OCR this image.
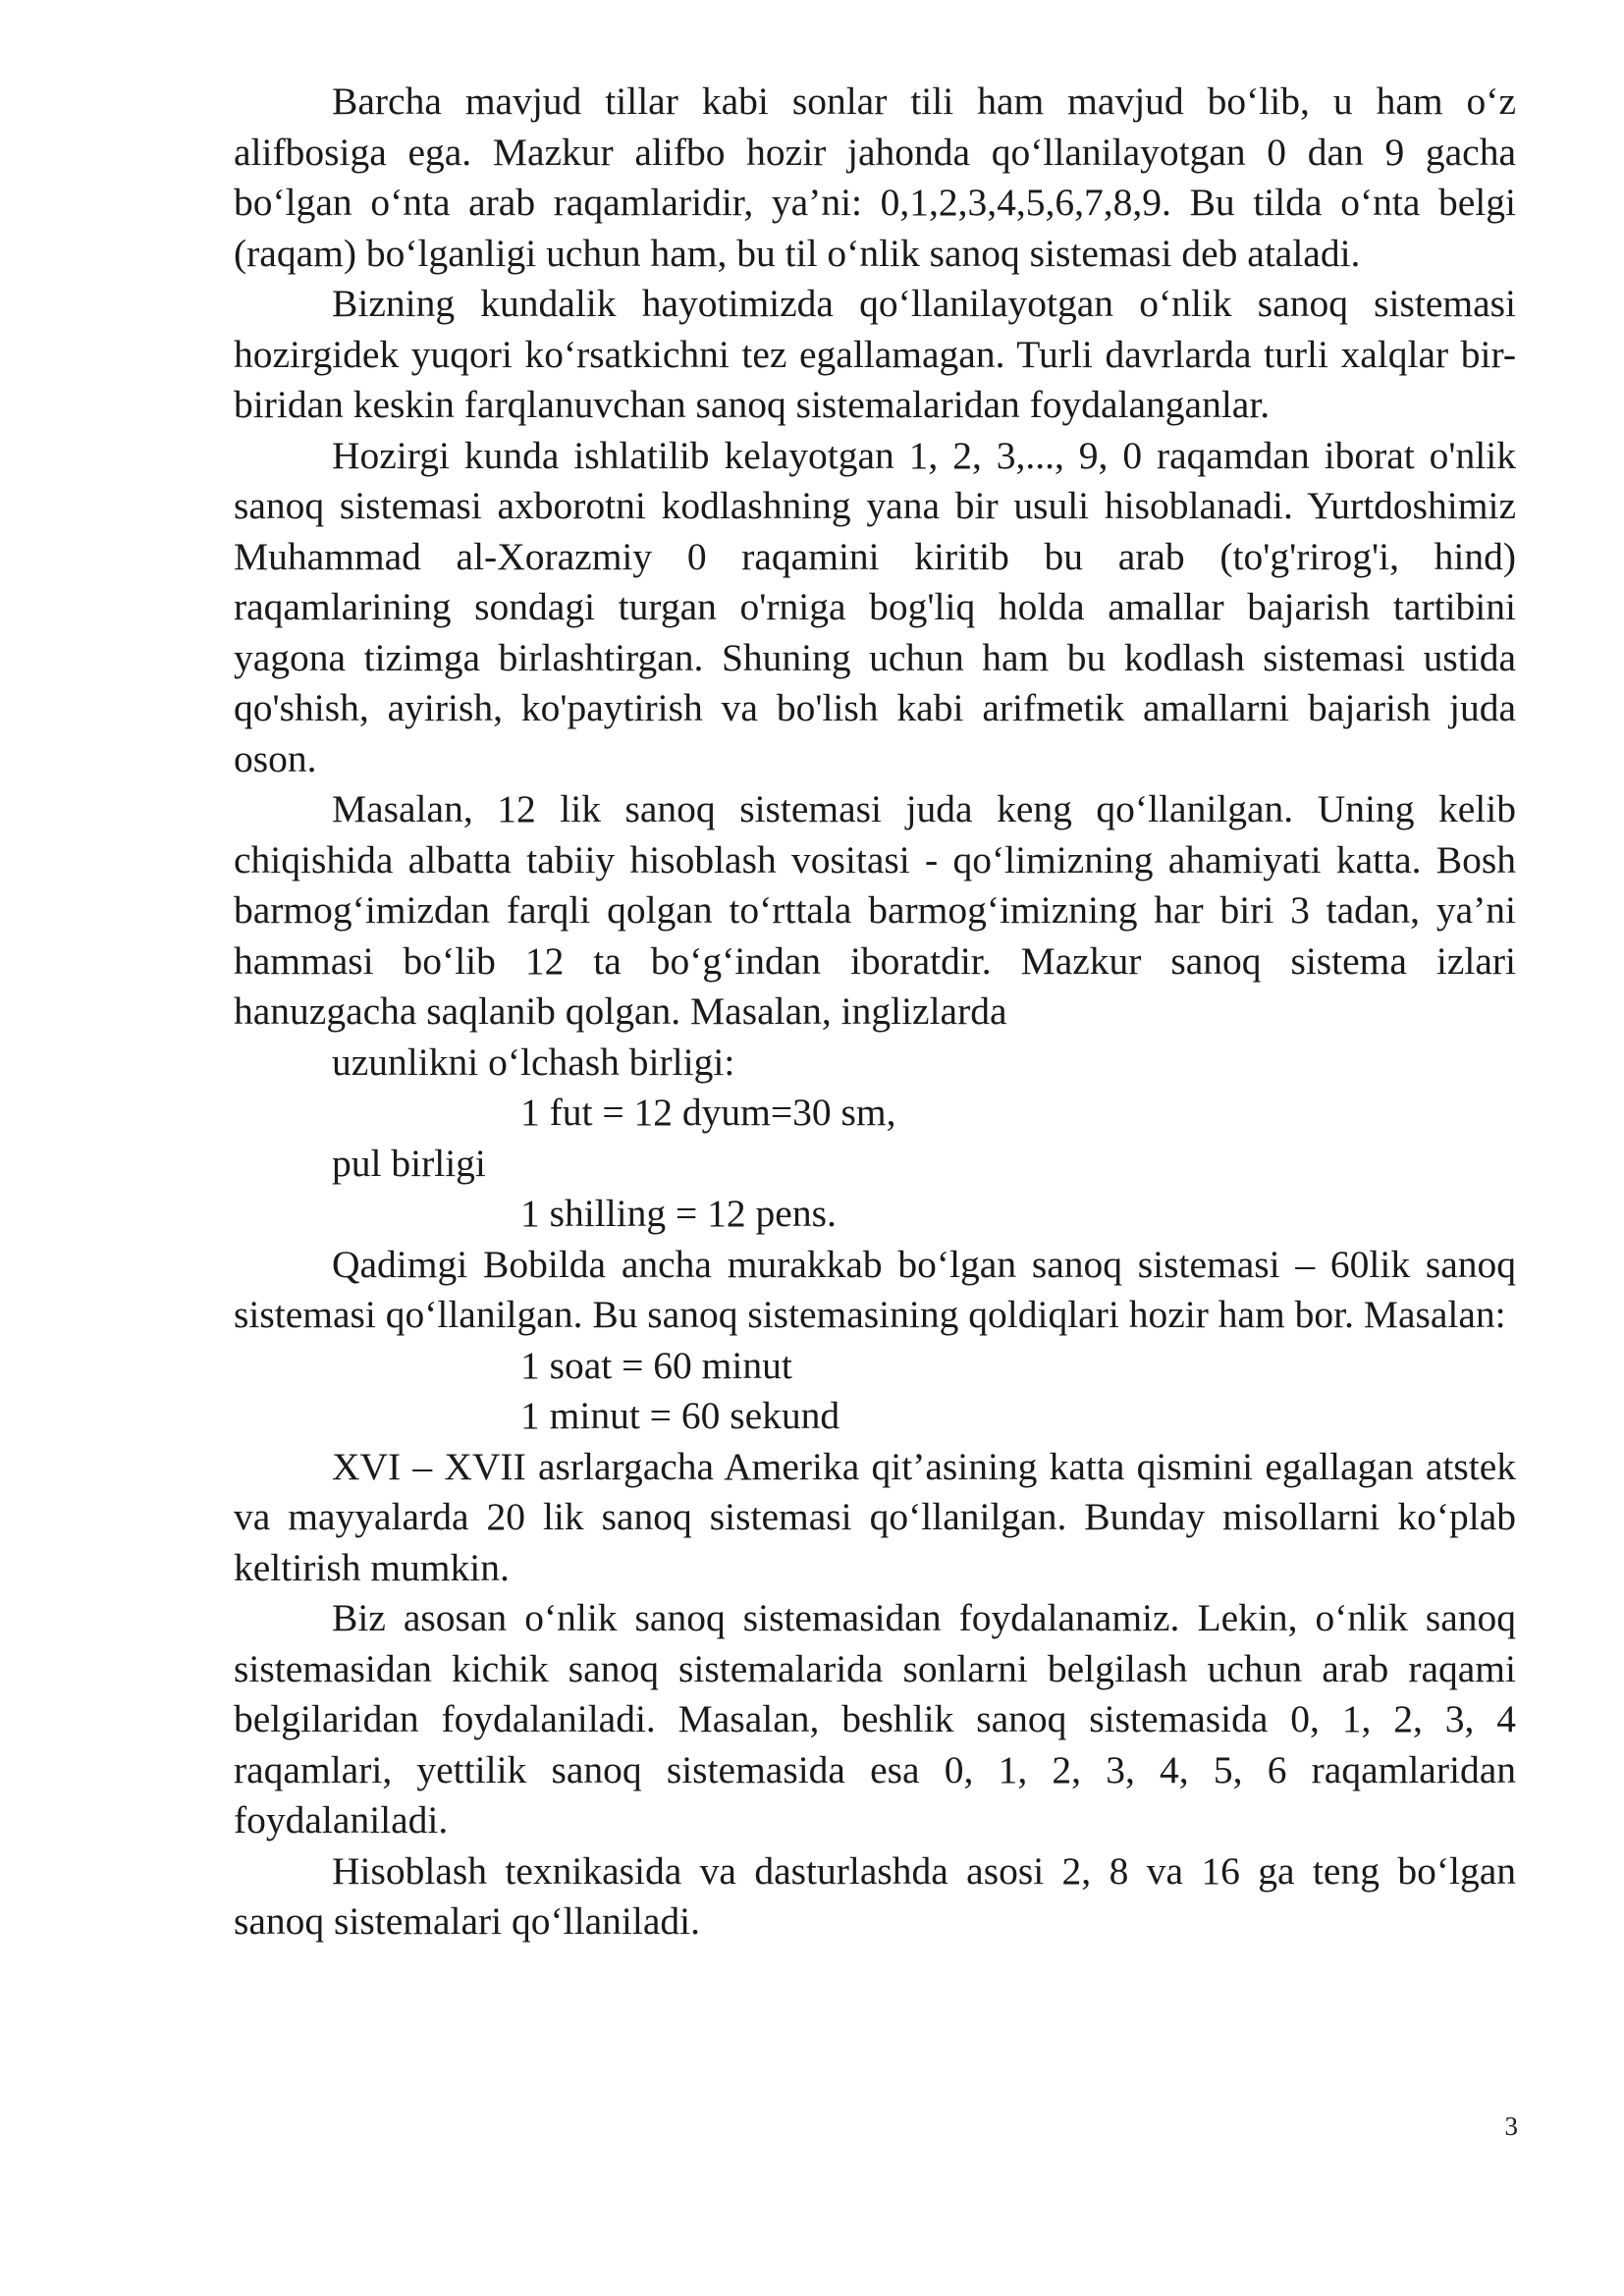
Barcha mavjud tillar kabi sonlar tili ham mavjud bo‘lib, u ham o‘z alifbosiga ega. Mazkur alifbo hozir jahonda qo‘llanilayotgan 0 dan 9 gacha bo‘lgan o‘nta arab raqamlaridir, ya’ni: 0,1,2,3,4,5,6,7,8,9. Bu tilda o‘nta belgi (raqam) bo‘lganligi uchun ham, bu til o‘nlik sanoq sistemasi deb ataladi.

Bizning kundalik hayotimizda qo‘llanilayotgan o‘nlik sanoq sistemasi hozirgidek yuqori ko‘rsatkichni tez egallamagan. Turli davrlarda turli xalqlar bir-biridan keskin farqlanuvchan sanoq sistemalaridan foydalanganlar.

Hozirgi kunda ishlatilib kelayotgan 1, 2, 3,..., 9, 0 raqamdan iborat o'nlik sanoq sistemasi axborotni kodlashning yana bir usuli hisoblanadi. Yurtdoshimiz Muhammad al-Xorazmiy 0 raqamini kiritib bu arab (to'g'rirog'i, hind) raqamlarining sondagi turgan o'rniga bog'liq holda amallar bajarish tartibini yagona tizimga birlashtirgan. Shuning uchun ham bu kodlash sistemasi ustida qo'shish, ayirish, ko'paytirish va bo'lish kabi arifmetik amallarni bajarish juda oson.

Masalan, 12 lik sanoq sistemasi juda keng qo‘llanilgan. Uning kelib chiqishida albatta tabiiy hisoblash vositasi - qo‘limizning ahamiyati katta. Bosh barmog‘imizdan farqli qolgan to‘rttala barmog‘imizning har biri 3 tadan, ya’ni hammasi bo‘lib 12 ta bo‘g‘indan iboratdir. Mazkur sanoq sistema izlari hanuzgacha saqlanib qolgan. Masalan, inglizlarda

uzunlikni o‘lchash birligi:
1 fut = 12 dyum=30 sm,
pul birligi
1 shilling = 12 pens.

Qadimgi Bobilda ancha murakkab bo‘lgan sanoq sistemasi – 60lik sanoq sistemasi qo‘llanilgan. Bu sanoq sistemasining qoldiqlari hozir ham bor. Masalan:

1 soat = 60 minut
1 minut = 60 sekund

XVI – XVII asrlargacha Amerika qit’asining katta qismini egallagan atstek va mayyalarda 20 lik sanoq sistemasi qo‘llanilgan. Bunday misollarni ko‘plab keltirish mumkin.

Biz asosan o‘nlik sanoq sistemasidan foydalanamiz. Lekin, o‘nlik sanoq sistemasidan kichik sanoq sistemalarida sonlarni belgilash uchun arab raqami belgilaridan foydalaniladi. Masalan, beshlik sanoq sistemasida 0, 1, 2, 3, 4 raqamlari, yettilik sanoq sistemasida esa 0, 1, 2, 3, 4, 5, 6 raqamlaridan foydalaniladi.

Hisoblash texnikasida va dasturlashda asosi 2, 8 va 16 ga teng bo‘lgan sanoq sistemalari qo‘llaniladi.

3
